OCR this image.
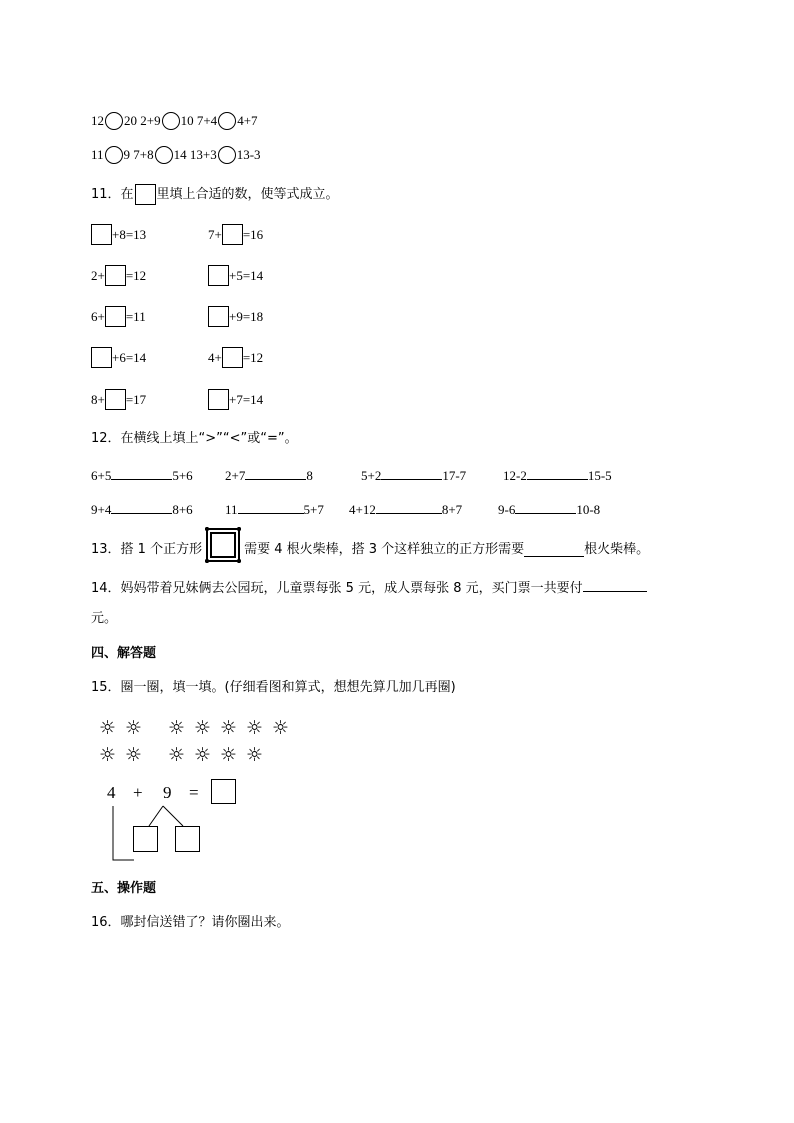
12 20
2+9 10
7+4 4+7
11 9
7+8 14
13+3 13-3
11．在 里填上合适的数，使等式成立。
+8=13	7+ =16
2+ =12	+5=14
6+ =11	+9=18
+6=14	4+ =12
8+ =17	+7=14
12．在横线上填上“>”“<”或“=”。
6+5	5+6 2+7	8	5+2	17-7	12-2	15-5
9+4	8+6 11	5+7 4+12	8+7	9-6	10-8
13．搭 1 个正方形	需要 4 根火柴棒，搭 3 个这样独立的正方形需要	根火柴棒。
14．妈妈带着兄妹俩去公园玩，儿童票每张 5 元，成人票每张 8 元，买门票一共要付
元。
四、解答题
15．圈一圈，填一填。(仔细看图和算式，想想先算几加几再圈)
☼ ☼
☼ ☼
☼ ☼ ☼ ☼ ☼
☼ ☼ ☼ ☼
4 + 9 =
五、操作题
16．哪封信送错了？请你圈出来。
